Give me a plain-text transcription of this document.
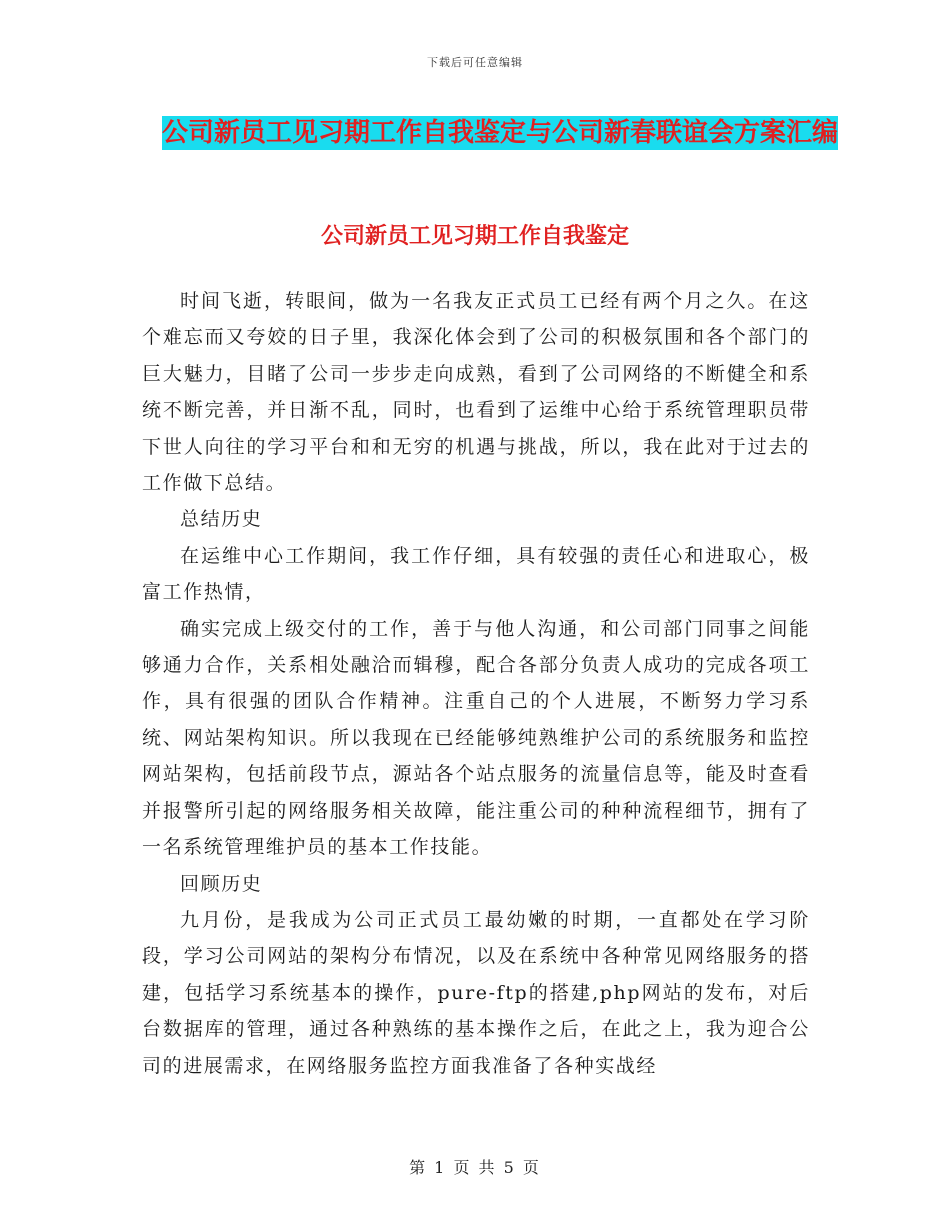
下载后可任意编辑
公司新员工见习期工作自我鉴定与公司新春联谊会方案汇编
公司新员工见习期工作自我鉴定

时间飞逝，转眼间，做为一名我友正式员工已经有两个月之久。在这个难忘而又夸姣的日子里，我深化体会到了公司的积极氛围和各个部门的巨大魅力，目睹了公司一步步走向成熟，看到了公司网络的不断健全和系统不断完善，并日渐不乱，同时，也看到了运维中心给于系统管理职员带下世人向往的学习平台和和无穷的机遇与挑战，所以，我在此对于过去的工作做下总结。

总结历史

在运维中心工作期间，我工作仔细，具有较强的责任心和进取心，极富工作热情，

确实完成上级交付的工作，善于与他人沟通，和公司部门同事之间能够通力合作，关系相处融洽而辑穆，配合各部分负责人成功的完成各项工作，具有很强的团队合作精神。注重自己的个人进展，不断努力学习系统、网站架构知识。所以我现在已经能够纯熟维护公司的系统服务和监控网站架构，包括前段节点，源站各个站点服务的流量信息等，能及时查看并报警所引起的网络服务相关故障，能注重公司的种种流程细节，拥有了一名系统管理维护员的基本工作技能。

回顾历史

九月份，是我成为公司正式员工最幼嫩的时期，一直都处在学习阶段，学习公司网站的架构分布情况，以及在系统中各种常见网络服务的搭建，包括学习系统基本的操作，pure-ftp的搭建,php网站的发布，对后台数据库的管理，通过各种熟练的基本操作之后，在此之上，我为迎合公司的进展需求，在网络服务监控方面我准备了各种实战经

第 1 页 共 5 页
